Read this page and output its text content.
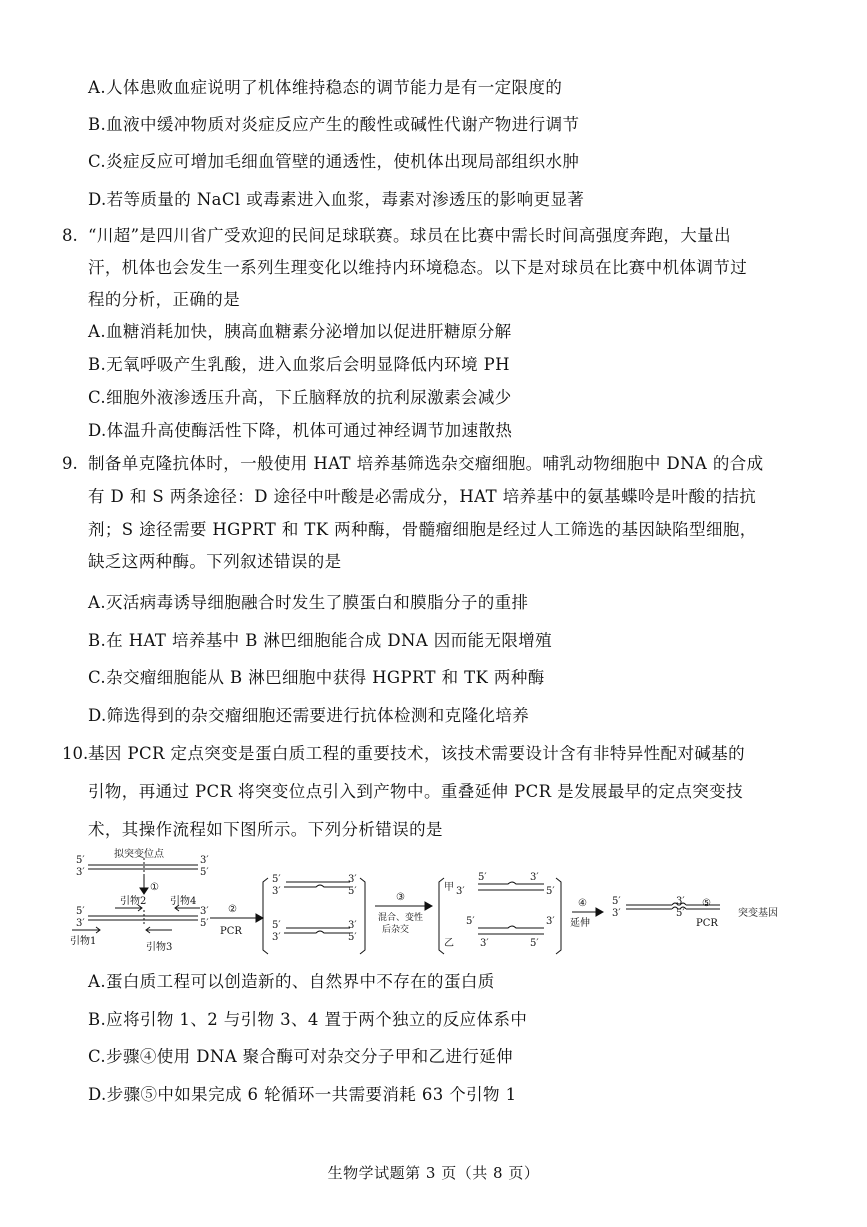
A.人体患败血症说明了机体维持稳态的调节能力是有一定限度的
B.血液中缓冲物质对炎症反应产生的酸性或碱性代谢产物进行调节
C.炎症反应可增加毛细血管壁的通透性，使机体出现局部组织水肿
D.若等质量的 NaCl 或毒素进入血浆，毒素对渗透压的影响更显著
8. “川超”是四川省广受欢迎的民间足球联赛。球员在比赛中需长时间高强度奔跑，大量出
汗，机体也会发生一系列生理变化以维持内环境稳态。以下是对球员在比赛中机体调节过
程的分析，正确的是
A.血糖消耗加快，胰高血糖素分泌增加以促进肝糖原分解
B.无氧呼吸产生乳酸，进入血浆后会明显降低内环境 PH
C.细胞外液渗透压升高，下丘脑释放的抗利尿激素会减少
D.体温升高使酶活性下降，机体可通过神经调节加速散热
9. 制备单克隆抗体时，一般使用 HAT 培养基筛选杂交瘤细胞。哺乳动物细胞中 DNA 的合成
有 D 和 S 两条途径：D 途径中叶酸是必需成分，HAT 培养基中的氨基蝶呤是叶酸的拮抗
剂；S 途径需要 HGPRT 和 TK 两种酶，骨髓瘤细胞是经过人工筛选的基因缺陷型细胞，
缺乏这两种酶。下列叙述错误的是
A.灭活病毒诱导细胞融合时发生了膜蛋白和膜脂分子的重排
B.在 HAT 培养基中 B 淋巴细胞能合成 DNA 因而能无限增殖
C.杂交瘤细胞能从 B 淋巴细胞中获得 HGPRT 和 TK 两种酶
D.筛选得到的杂交瘤细胞还需要进行抗体检测和克隆化培养
10. 基因 PCR 定点突变是蛋白质工程的重要技术，该技术需要设计含有非特异性配对碱基的
引物，再通过 PCR 将突变位点引入到产物中。重叠延伸 PCR 是发展最早的定点突变技
术，其操作流程如下图所示。下列分析错误的是
拟突变位点
5′
3′
3′
5′
①
5′
3′
3′
5′
引物2 引物4
引物1
引物3
②
PCR
5′
3′
3′
5′
5′
3′
3′
5′
③
混合、变性
后杂交
甲 3′
5′	3′
5′
乙
5′	3′
3′	5′
④
延伸
5′
3′
3′
5′
⑤
PCR
突变基因
A.蛋白质工程可以创造新的、自然界中不存在的蛋白质
B.应将引物 1、2 与引物 3、4 置于两个独立的反应体系中
C.步骤④使用 DNA 聚合酶可对杂交分子甲和乙进行延伸
D.步骤⑤中如果完成 6 轮循环一共需要消耗 63 个引物 1
生物学试题第 3 页（共 8 页）
